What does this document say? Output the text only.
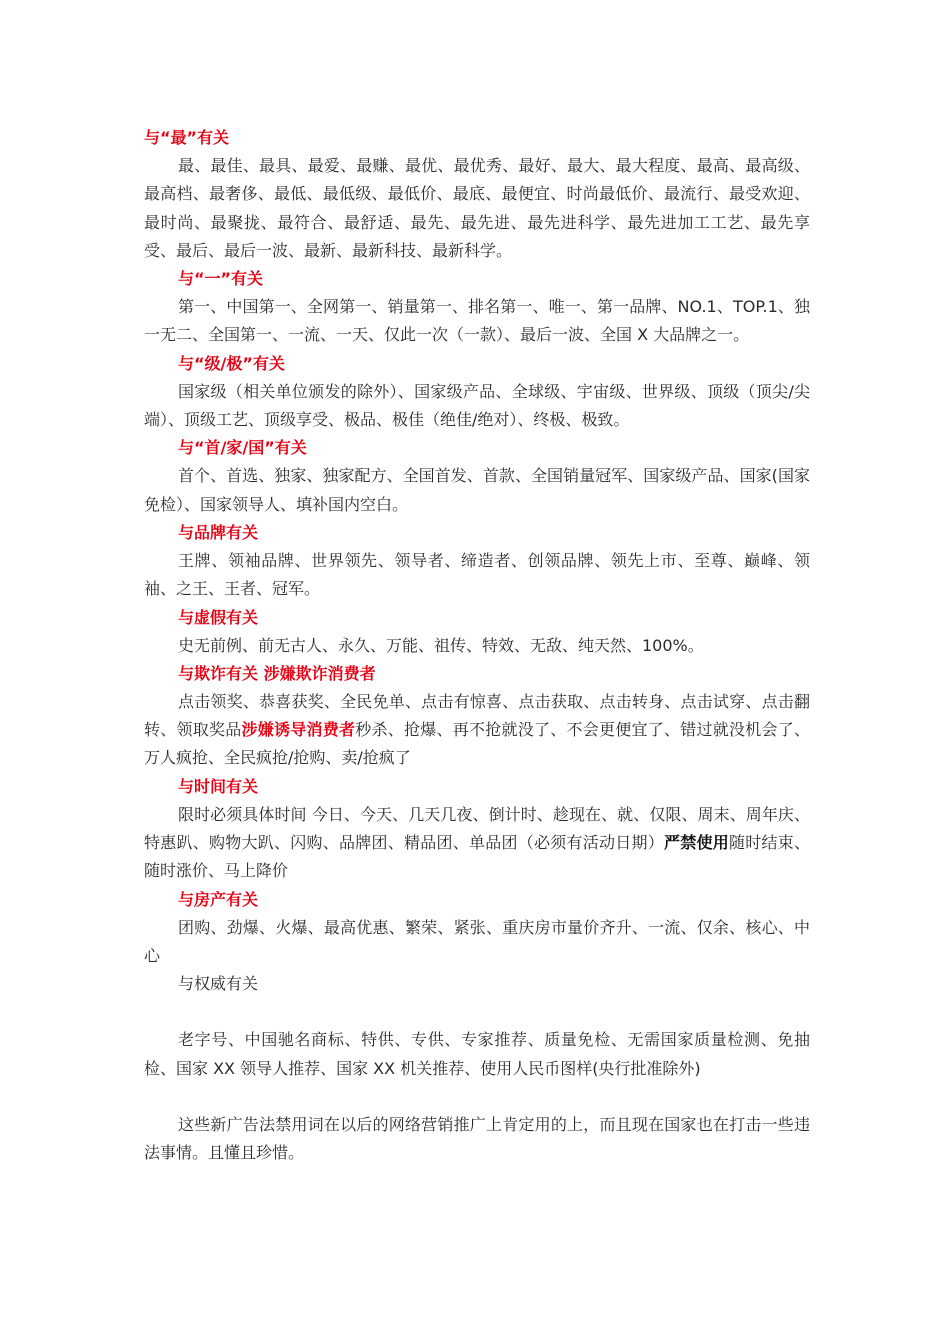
与“最”有关

最、最佳、最具、最爱、最赚、最优、最优秀、最好、最大、最大程度、最高、最高级、最高档、最奢侈、最低、最低级、最低价、最底、最便宜、时尚最低价、最流行、最受欢迎、最时尚、最聚拢、最符合、最舒适、最先、最先进、最先进科学、最先进加工工艺、最先享受、最后、最后一波、最新、最新科技、最新科学。

与“一”有关

第一、中国第一、全网第一、销量第一、排名第一、唯一、第一品牌、NO.1、TOP.1、独一无二、全国第一、一流、一天、仅此一次（一款）、最后一波、全国 X 大品牌之一。

与“级/极”有关

国家级（相关单位颁发的除外）、国家级产品、全球级、宇宙级、世界级、顶级（顶尖/尖端）、顶级工艺、顶级享受、极品、极佳（绝佳/绝对）、终极、极致。

与“首/家/国”有关

首个、首选、独家、独家配方、全国首发、首款、全国销量冠军、国家级产品、国家(国家免检）、国家领导人、填补国内空白。

与品牌有关

王牌、领袖品牌、世界领先、领导者、缔造者、创领品牌、领先上市、至尊、巅峰、领袖、之王、王者、冠军。

与虚假有关

史无前例、前无古人、永久、万能、祖传、特效、无敌、纯天然、100%。

与欺诈有关 涉嫌欺诈消费者

点击领奖、恭喜获奖、全民免单、点击有惊喜、点击获取、点击转身、点击试穿、点击翻转、领取奖品涉嫌诱导消费者秒杀、抢爆、再不抢就没了、不会更便宜了、错过就没机会了、万人疯抢、全民疯抢/抢购、卖/抢疯了

与时间有关

限时必须具体时间 今日、今天、几天几夜、倒计时、趁现在、就、仅限、周末、周年庆、特惠趴、购物大趴、闪购、品牌团、精品团、单品团（必须有活动日期）严禁使用随时结束、随时涨价、马上降价

与房产有关

团购、劲爆、火爆、最高优惠、繁荣、紧张、重庆房市量价齐升、一流、仅余、核心、中心

与权威有关

老字号、中国驰名商标、特供、专供、专家推荐、质量免检、无需国家质量检测、免抽检、国家 XX 领导人推荐、国家 XX 机关推荐、使用人民币图样(央行批准除外)

这些新广告法禁用词在以后的网络营销推广上肯定用的上，而且现在国家也在打击一些违法事情。且懂且珍惜。
